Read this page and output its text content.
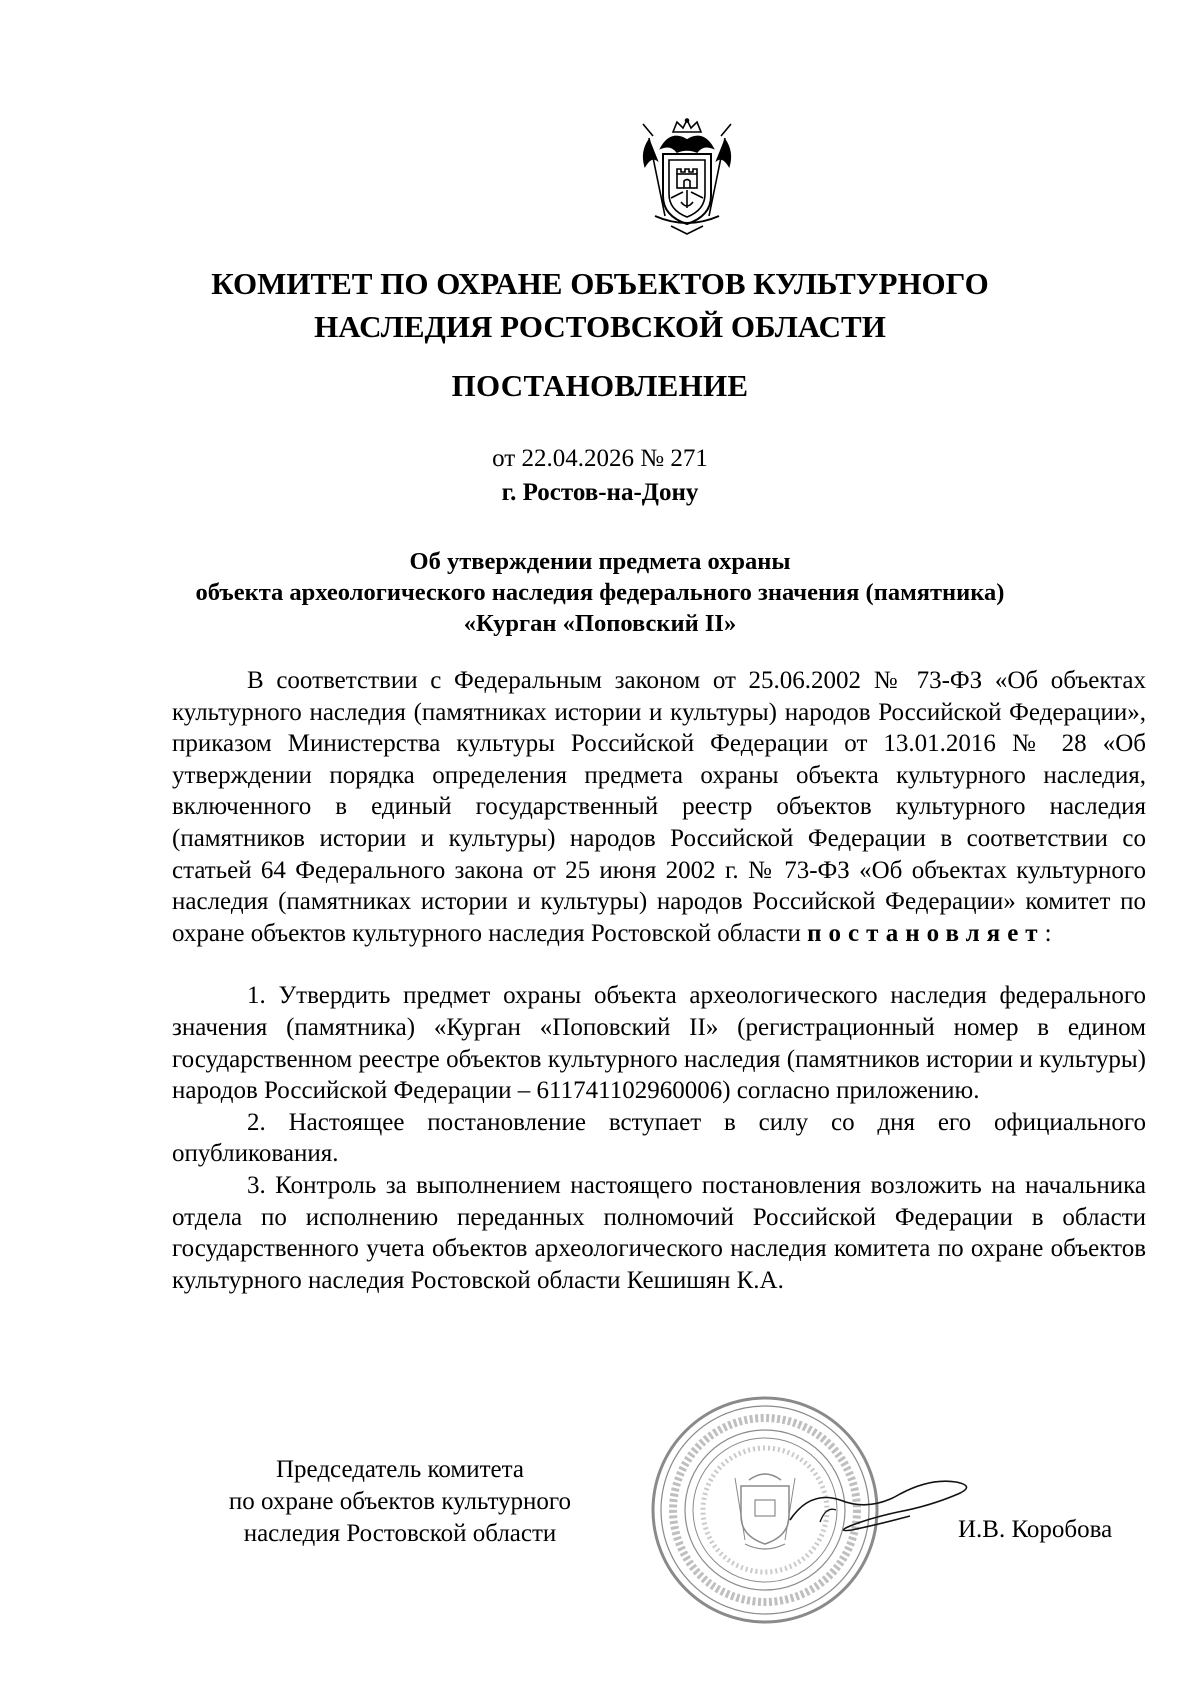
КОМИТЕТ ПО ОХРАНЕ ОБЪЕКТОВ КУЛЬТУРНОГО
НАСЛЕДИЯ РОСТОВСКОЙ ОБЛАСТИ
ПОСТАНОВЛЕНИЕ
от 22.04.2026 № 271
г. Ростов-на-Дону
Об утверждении предмета охраны
объекта археологического наследия федерального значения (памятника)
«Курган «Поповский II»

В соответствии с Федеральным законом от 25.06.2002 № 73-ФЗ «Об объектах культурного наследия (памятниках истории и культуры) народов Российской Федерации», приказом Министерства культуры Российской Федерации от 13.01.2016 № 28 «Об утверждении порядка определения предмета охраны объекта культурного наследия, включенного в единый государственный реестр объектов культурного наследия (памятников истории и культуры) народов Российской Федерации в соответствии со статьей 64 Федерального закона от 25 июня 2002 г. № 73-ФЗ «Об объектах культурного наследия (памятниках истории и культуры) народов Российской Федерации» комитет по охране объектов культурного наследия Ростовской области постановляет:

1. Утвердить предмет охраны объекта археологического наследия федерального значения (памятника) «Курган «Поповский II» (регистрационный номер в едином государственном реестре объектов культурного наследия (памятников истории и культуры) народов Российской Федерации – 611741102960006) согласно приложению.

2. Настоящее постановление вступает в силу со дня его официального опубликования.

3. Контроль за выполнением настоящего постановления возложить на начальника отдела по исполнению переданных полномочий Российской Федерации в области государственного учета объектов археологического наследия комитета по охране объектов культурного наследия Ростовской области Кешишян К.А.

Председатель комитета
по охране объектов культурного
наследия Ростовской области	И.В. Коробова
